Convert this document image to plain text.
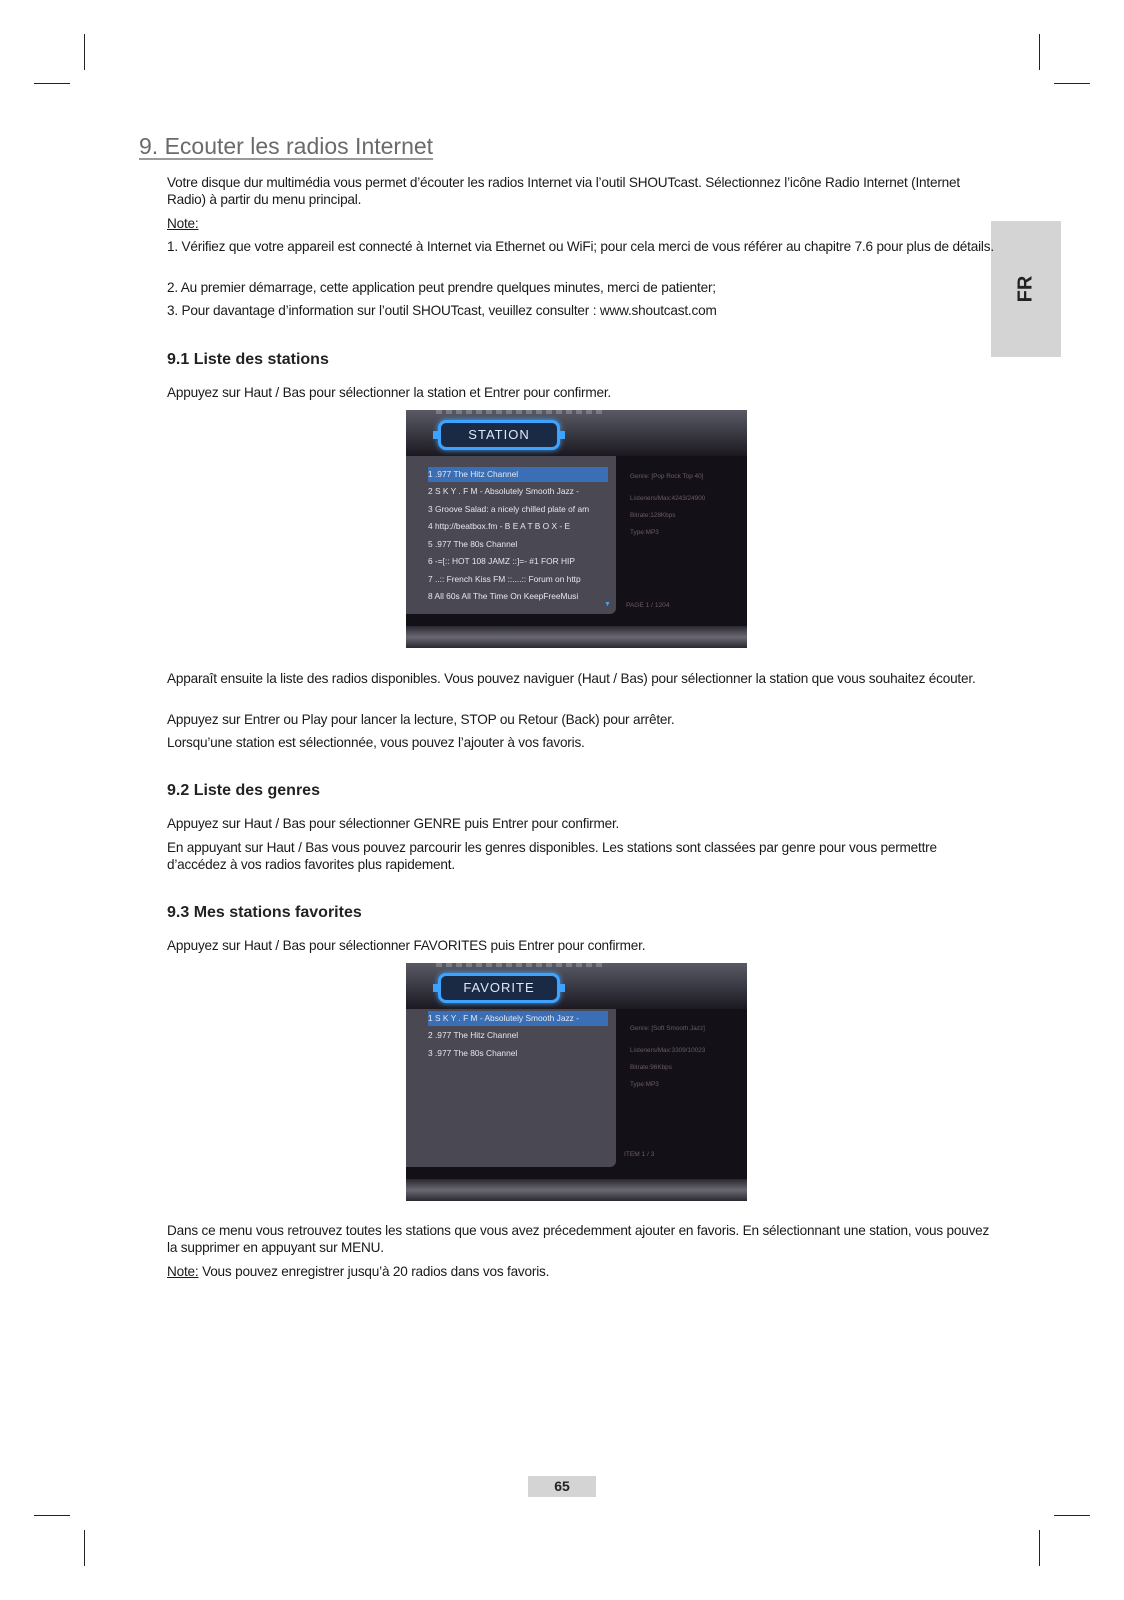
FR
9. Ecouter les radios Internet
Votre disque dur multimédia vous permet d’écouter les radios Internet via l’outil SHOUTcast. Sélectionnez l’icône Radio Internet (Internet Radio) à partir du menu principal.
Note:
1. Vérifiez que votre appareil est connecté à Internet via Ethernet ou WiFi; pour cela merci de vous référer au chapitre 7.6 pour plus de détails.
2. Au premier démarrage, cette application peut prendre quelques minutes, merci de patienter;
3. Pour davantage d’information sur l’outil SHOUTcast, veuillez consulter : www.shoutcast.com
9.1 Liste des stations
Appuyez sur Haut / Bas pour sélectionner la station et Entrer pour confirmer.
STATION
1 .977 The Hitz Channel
2 S K Y . F M - Absolutely Smooth Jazz -
3 Groove Salad: a nicely chilled plate of am
4 http://beatbox.fm - B E A T B O X - E
5 .977 The 80s Channel
6 -=[:: HOT 108 JAMZ ::]=- #1 FOR HIP
7 ..:: French Kiss FM ::....:: Forum on http
8 All 60s All The Time On KeepFreeMusi
Genre: [Pop Rock Top 40]
Listeners/Max:4243/24900
Bitrate:128Kbps
Type:MP3
▼ PAGE 1 / 1204
Apparaît ensuite la liste des radios disponibles. Vous pouvez naviguer (Haut / Bas) pour sélectionner la station que vous souhaitez écouter.
Appuyez sur Entrer ou Play pour lancer la lecture, STOP ou Retour (Back) pour arrêter.
Lorsqu’une station est sélectionnée, vous pouvez l’ajouter à vos favoris.
9.2 Liste des genres
Appuyez sur Haut / Bas pour sélectionner GENRE puis Entrer pour confirmer.
En appuyant sur Haut / Bas vous pouvez parcourir les genres disponibles. Les stations sont classées par genre pour vous permettre d’accédez à vos radios favorites plus rapidement.
9.3 Mes stations favorites
Appuyez sur Haut / Bas pour sélectionner FAVORITES puis Entrer pour confirmer.
FAVORITE
1 S K Y . F M - Absolutely Smooth Jazz -
2 .977 The Hitz Channel
3 .977 The 80s Channel
Genre: [Soft Smooth Jazz]
Listeners/Max:3309/10023
Bitrate:96Kbps
Type:MP3
ITEM 1 / 3
Dans ce menu vous retrouvez toutes les stations que vous avez précedemment ajouter en favoris. En sélectionnant une station, vous pouvez la supprimer en appuyant sur MENU.
Note: Vous pouvez enregistrer jusqu’à 20 radios dans vos favoris.
65
